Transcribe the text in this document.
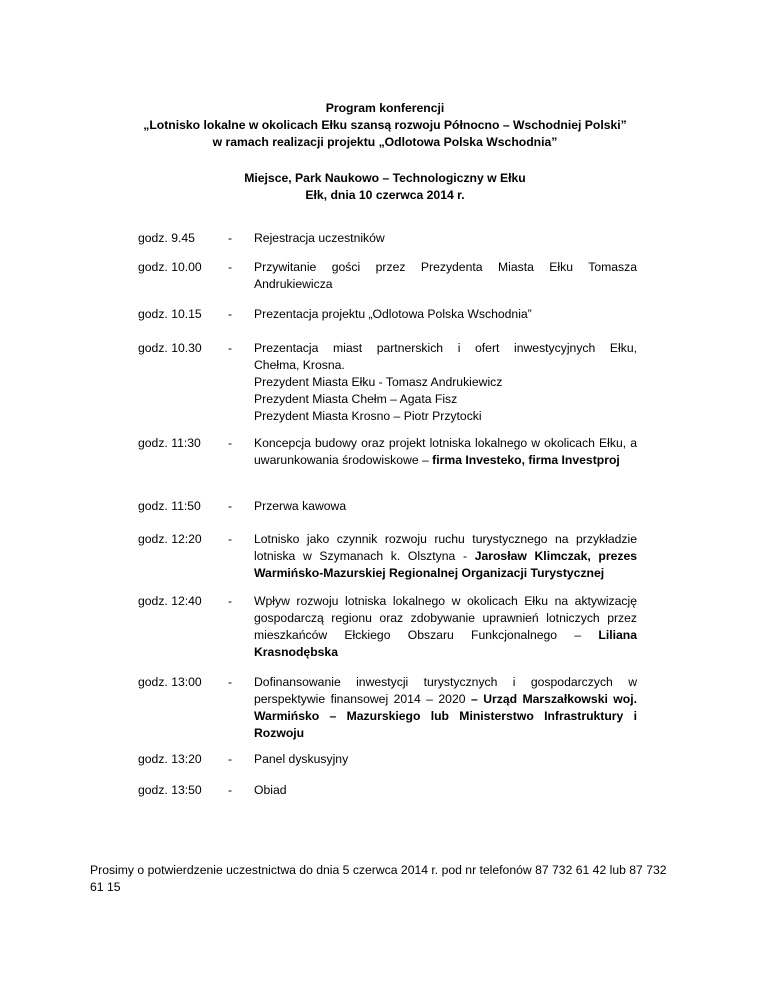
Program konferencji
„Lotnisko lokalne w okolicach Ełku szansą rozwoju Północno – Wschodniej Polski”
w ramach realizacji projektu „Odlotowa Polska Wschodnia”
Miejsce, Park Naukowo – Technologiczny w Ełku
Ełk, dnia 10 czerwca 2014 r.
godz. 9.45	-	Rejestracja uczestników
godz. 10.00	-	Przywitanie gości przez Prezydenta Miasta Ełku Tomasza
Andrukiewicza
godz. 10.15	-	Prezentacja projektu „Odlotowa Polska Wschodnia”
godz. 10.30	-	Prezentacja miast partnerskich i ofert inwestycyjnych Ełku,
Chełma, Krosna.
Prezydent Miasta Ełku - Tomasz Andrukiewicz
Prezydent Miasta Chełm – Agata Fisz
Prezydent Miasta Krosno – Piotr Przytocki
godz. 11:30	-	Koncepcja budowy oraz projekt lotniska lokalnego w okolicach Ełku, a uwarunkowania środowiskowe – firma Investeko, firma Investproj
godz. 11:50	-	Przerwa kawowa
godz. 12:20	-	Lotnisko jako czynnik rozwoju ruchu turystycznego na przykładzie lotniska w Szymanach k. Olsztyna - Jarosław Klimczak, prezes Warmińsko-Mazurskiej Regionalnej Organizacji Turystycznej
godz. 12:40	-	Wpływ rozwoju lotniska lokalnego w okolicach Ełku na aktywizację gospodarczą regionu oraz zdobywanie uprawnień lotniczych przez mieszkańców Ełckiego Obszaru Funkcjonalnego – Liliana Krasnodębska
godz. 13:00	-	Dofinansowanie inwestycji turystycznych i gospodarczych w perspektywie finansowej 2014 – 2020 – Urząd Marszałkowski woj. Warmińsko – Mazurskiego lub Ministerstwo Infrastruktury i Rozwoju
godz. 13:20	-	Panel dyskusyjny
godz. 13:50	-	Obiad
Prosimy o potwierdzenie uczestnictwa do dnia 5 czerwca 2014 r. pod nr telefonów 87 732 61 42 lub 87 732 61 15
